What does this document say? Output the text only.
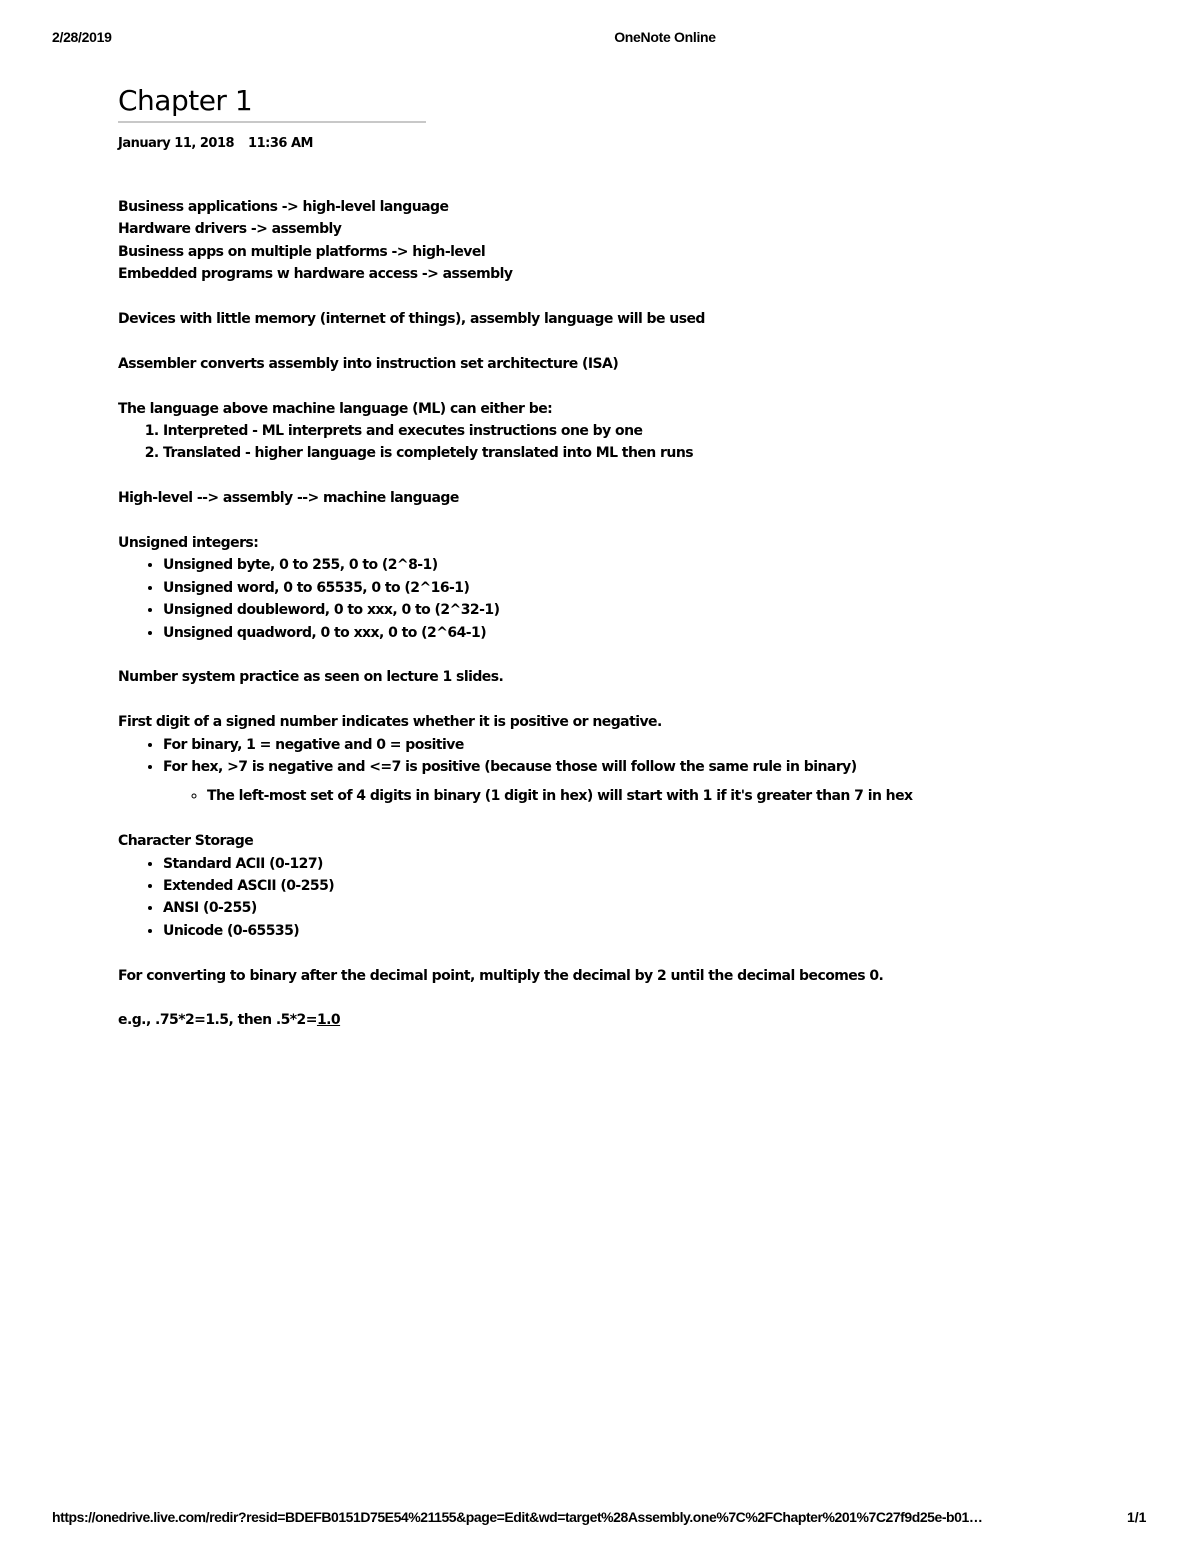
2/28/2019	OneNote Online
Chapter 1
January 11, 2018 11:36 AM

Business applications -> high-level language

Hardware drivers -> assembly

Business apps on multiple platforms -> high-level

Embedded programs w hardware access -> assembly

Devices with little memory (internet of things), assembly language will be used

Assembler converts assembly into instruction set architecture (ISA)

The language above machine language (ML) can either be:

1. Interpreted - ML interprets and executes instructions one by one
2. Translated - higher language is completely translated into ML then runs

High-level --> assembly --> machine language

Unsigned integers:

• Unsigned byte, 0 to 255, 0 to (2^8-1)
• Unsigned word, 0 to 65535, 0 to (2^16-1)
• Unsigned doubleword, 0 to xxx, 0 to (2^32-1)
• Unsigned quadword, 0 to xxx, 0 to (2^64-1)

Number system practice as seen on lecture 1 slides.

First digit of a signed number indicates whether it is positive or negative.

• For binary, 1 = negative and 0 = positive
• For hex, >7 is negative and <=7 is positive (because those will follow the same rule in binary)
◦ The left-most set of 4 digits in binary (1 digit in hex) will start with 1 if it's greater than 7 in hex

Character Storage

• Standard ACII (0-127)
• Extended ASCII (0-255)
• ANSI (0-255)
• Unicode (0-65535)

For converting to binary after the decimal point, multiply the decimal by 2 until the decimal becomes 0.

e.g., .75*2=1.5, then .5*2=1.0

https://onedrive.live.com/redir?resid=BDEFB0151D75E54%21155&page=Edit&wd=target%28Assembly.one%7C%2FChapter%201%7C27f9d25e-b01…	1/1
